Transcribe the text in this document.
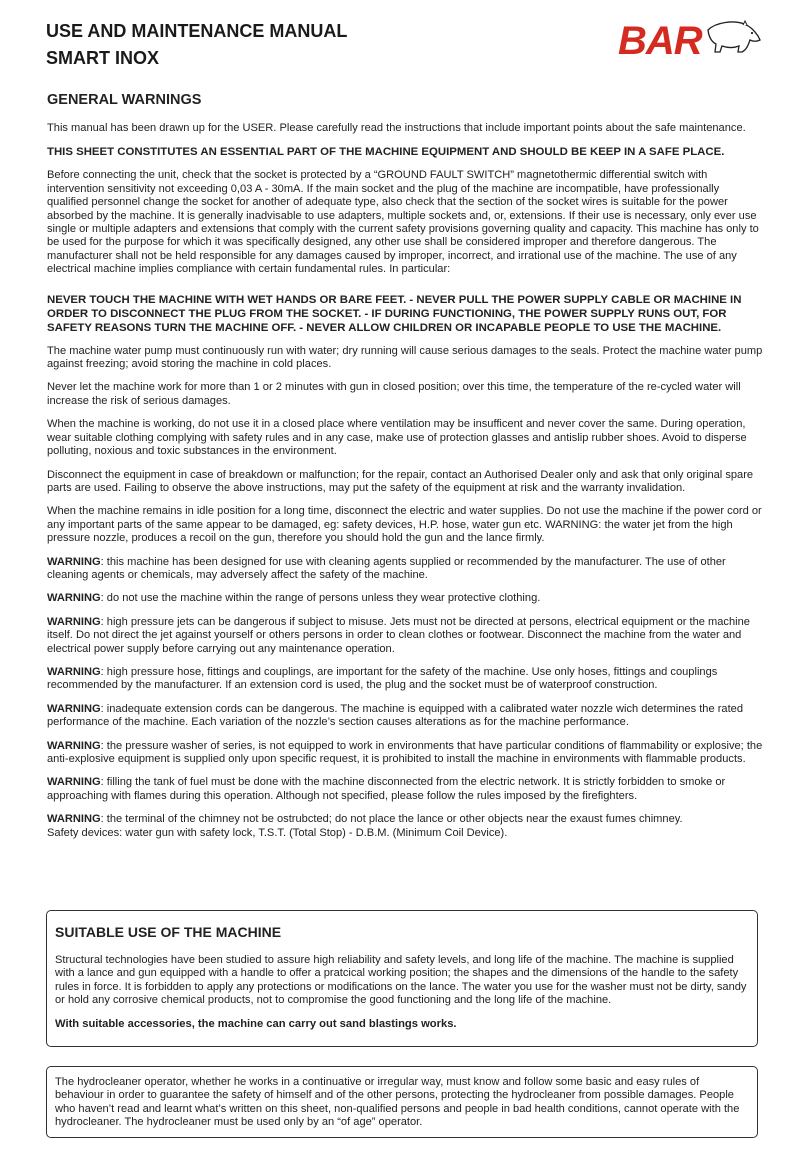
USE AND MAINTENANCE MANUAL
SMART INOX	BAR
GENERAL WARNINGS

This manual has been drawn up for the USER. Please carefully read the instructions that include important points about the safe maintenance.

THIS SHEET CONSTITUTES AN ESSENTIAL PART OF THE MACHINE EQUIPMENT AND SHOULD BE KEEP IN A SAFE PLACE.

Before connecting the unit, check that the socket is protected by a “GROUND FAULT SWITCH” magnetothermic differential switch with intervention sensitivity not exceeding 0,03 A - 30mA. If the main socket and the plug of the machine are incompatible, have professionally qualified personnel change the socket for another of adequate type, also check that the section of the socket wires is suitable for the power absorbed by the machine. It is generally inadvisable to use adapters, multiple sockets and, or, extensions. If their use is necessary, only ever use single or multiple adapters and extensions that comply with the current safety provisions governing quality and capacity. This machine has only to be used for the purpose for which it was specifically designed, any other use shall be considered improper and therefore dangerous. The manufacturer shall not be held responsible for any damages caused by improper, incorrect, and irrational use of the machine. The use of any electrical machine implies compliance with certain fundamental rules. In particular:

NEVER TOUCH THE MACHINE WITH WET HANDS OR BARE FEET. - NEVER PULL THE POWER SUPPLY CABLE OR MACHINE IN ORDER TO DISCONNECT THE PLUG FROM THE SOCKET. - IF DURING FUNCTIONING, THE POWER SUPPLY RUNS OUT, FOR SAFETY REASONS TURN THE MACHINE OFF. - NEVER ALLOW CHILDREN OR INCAPABLE PEOPLE TO USE THE MACHINE.

The machine water pump must continuously run with water; dry running will cause serious damages to the seals. Protect the machine water pump against freezing; avoid storing the machine in cold places.

Never let the machine work for more than 1 or 2 minutes with gun in closed position; over this time, the temperature of the re-cycled water will increase the risk of serious damages.

When the machine is working, do not use it in a closed place where ventilation may be insufficent and never cover the same. During operation, wear suitable clothing complying with safety rules and in any case, make use of protection glasses and antislip rubber shoes. Avoid to disperse polluting, noxious and toxic substances in the environment.

Disconnect the equipment in case of breakdown or malfunction; for the repair, contact an Authorised Dealer only and ask that only original spare parts are used. Failing to observe the above instructions, may put the safety of the equipment at risk and the warranty invalidation.

When the machine remains in idle position for a long time, disconnect the electric and water supplies. Do not use the machine if the power cord or any important parts of the same appear to be damaged, eg: safety devices, H.P. hose, water gun etc. WARNING: the water jet from the high pressure nozzle, produces a recoil on the gun, therefore you should hold the gun and the lance firmly.

WARNING: this machine has been designed for use with cleaning agents supplied or recommended by the manufacturer. The use of other cleaning agents or chemicals, may adversely affect the safety of the machine.

WARNING: do not use the machine within the range of persons unless they wear protective clothing.

WARNING: high pressure jets can be dangerous if subject to misuse. Jets must not be directed at persons, electrical equipment or the machine itself. Do not direct the jet against yourself or others persons in order to clean clothes or footwear. Disconnect the machine from the water and electrical power supply before carrying out any maintenance operation.

WARNING: high pressure hose, fittings and couplings, are important for the safety of the machine. Use only hoses, fittings and couplings recommended by the manufacturer. If an extension cord is used, the plug and the socket must be of waterproof construction.

WARNING: inadequate extension cords can be dangerous. The machine is equipped with a calibrated water nozzle wich determines the rated performance of the machine. Each variation of the nozzle’s section causes alterations as for the machine performance.

WARNING: the pressure washer of series, is not equipped to work in environments that have particular conditions of flammability or explosive; the anti-explosive equipment is supplied only upon specific request, it is prohibited to install the machine in environments with flammable products.

WARNING: filling the tank of fuel must be done with the machine disconnected from the electric network. It is strictly forbidden to smoke or approaching with flames during this operation. Although not specified, please follow the rules imposed by the firefighters.

WARNING: the terminal of the chimney not be ostrubcted; do not place the lance or other objects near the exaust fumes chimney.

Safety devices: water gun with safety lock, T.S.T. (Total Stop) - D.B.M. (Minimum Coil Device).

SUITABLE USE OF THE MACHINE

Structural technologies have been studied to assure high reliability and safety levels, and long life of the machine. The machine is supplied with a lance and gun equipped with a handle to offer a pratcical working position; the shapes and the dimensions of the handle to the safety rules in force. It is forbidden to apply any protections or modifications on the lance. The water you use for the washer must not be dirty, sandy or hold any corrosive chemical products, not to compromise the good functioning and the long life of the machine.

With suitable accessories, the machine can carry out sand blastings works.

The hydrocleaner operator, whether he works in a continuative or irregular way, must know and follow some basic and easy rules of behaviour in order to guarantee the safety of himself and of the other persons, protecting the hydrocleaner from possible damages. People who haven’t read and learnt what’s written on this sheet, non-qualified persons and people in bad health conditions, cannot operate with the hydrocleaner. The hydrocleaner must be used only by an “of age” operator.
